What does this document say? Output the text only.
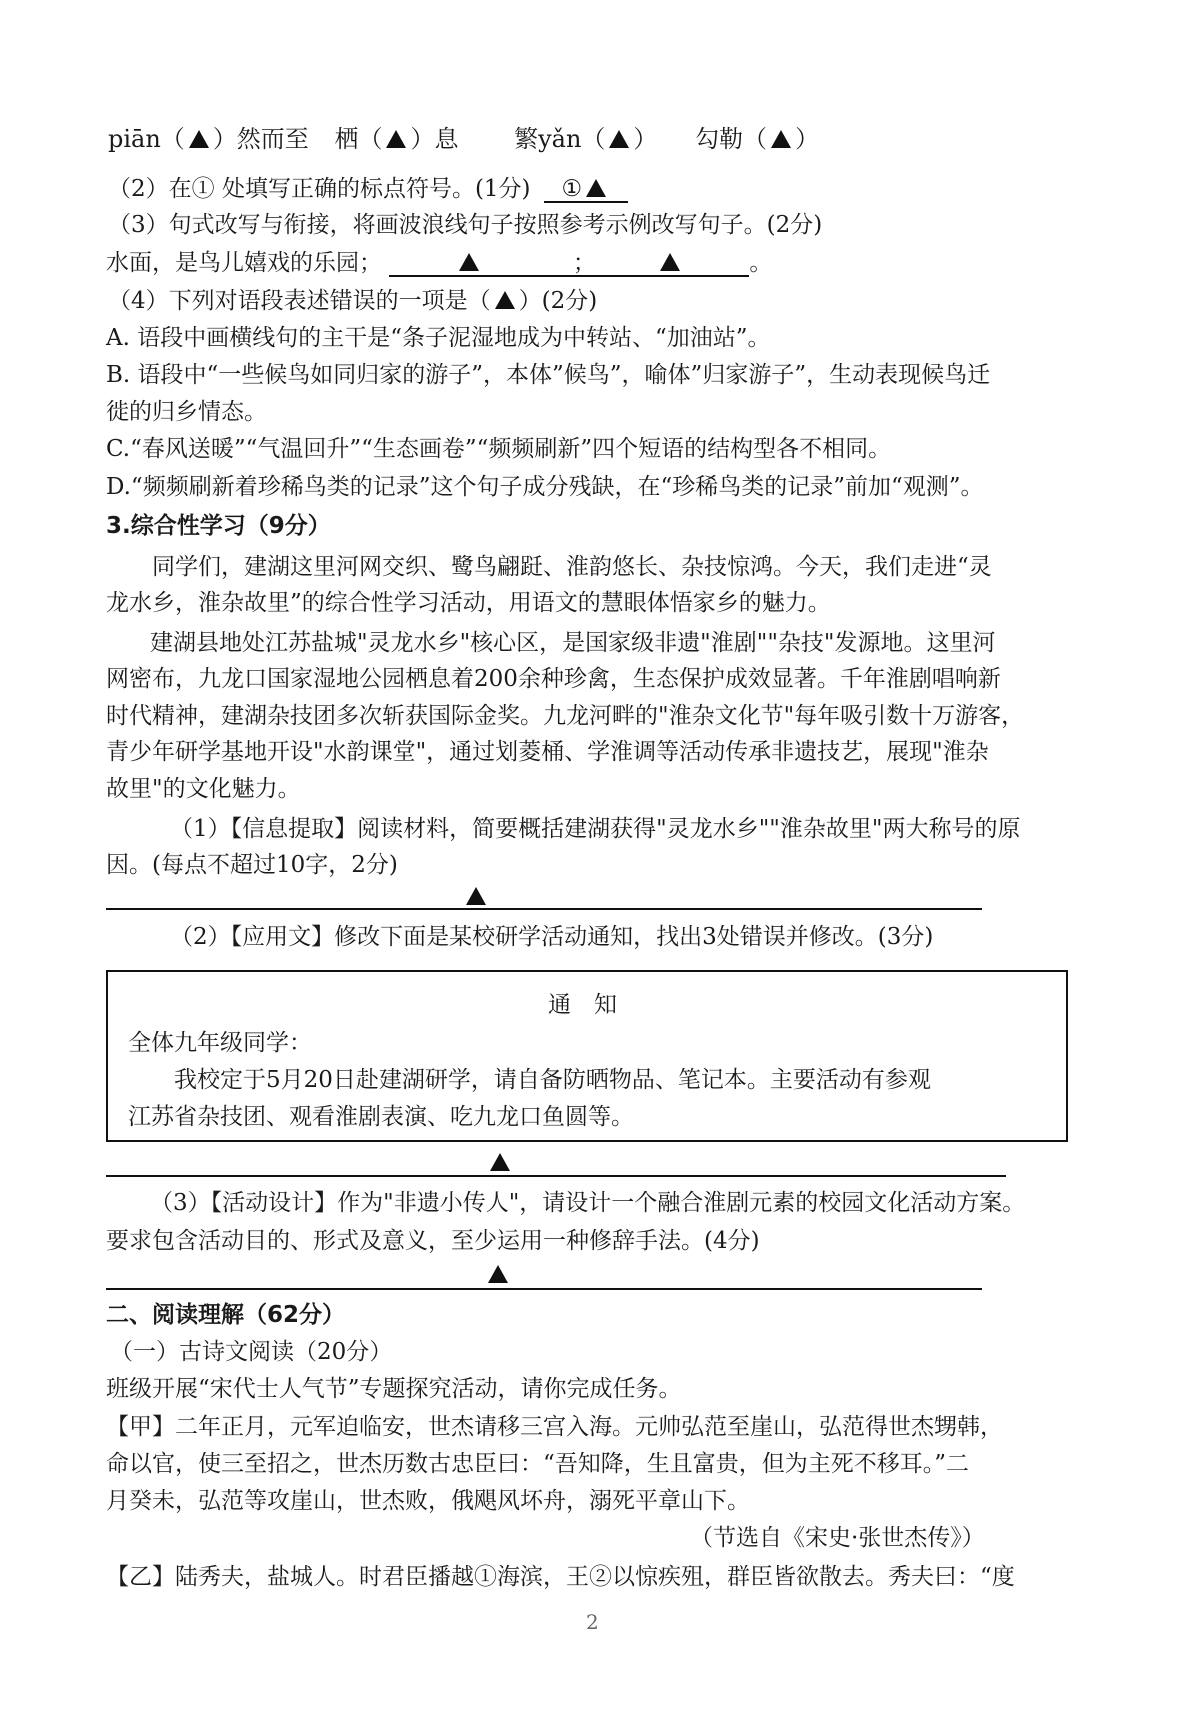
piān（ ）然而至 栖（ ）息 繁yǎn（ ） 勾勒（ ）
（2）在① 处填写正确的标点符号。(1分) ①
（3）句式改写与衔接，将画波浪线句子按照参考示例改写句子。(2分)
水面，是鸟儿嬉戏的乐园；	；	。
（4）下列对语段表述错误的一项是（ ）(2分)
A. 语段中画横线句的主干是“条子泥湿地成为中转站、“加油站”。
B. 语段中“一些候鸟如同归家的游子”，本体”候鸟”，喻体”归家游子”，生动表现候鸟迁
徙的归乡情态。
C.“春风送暖”“气温回升”“生态画卷”“频频刷新”四个短语的结构型各不相同。
D.“频频刷新着珍稀鸟类的记录”这个句子成分残缺，在“珍稀鸟类的记录”前加“观测”。
3.综合性学习（9分）
同学们，建湖这里河网交织、鹭鸟翩跹、淮韵悠长、杂技惊鸿。今天，我们走进“灵
龙水乡，淮杂故里”的综合性学习活动，用语文的慧眼体悟家乡的魅力。
建湖县地处江苏盐城"灵龙水乡"核心区，是国家级非遗"淮剧""杂技"发源地。这里河
网密布，九龙口国家湿地公园栖息着200余种珍禽，生态保护成效显著。千年淮剧唱响新
时代精神，建湖杂技团多次斩获国际金奖。九龙河畔的"淮杂文化节"每年吸引数十万游客，
青少年研学基地开设"水韵课堂"，通过划菱桶、学淮调等活动传承非遗技艺，展现"淮杂
故里"的文化魅力。
（1）【信息提取】阅读材料，简要概括建湖获得"灵龙水乡""淮杂故里"两大称号的原
因。(每点不超过10字，2分)
（2）【应用文】修改下面是某校研学活动通知，找出3处错误并修改。(3分)
通　知
全体九年级同学：
我校定于5月20日赴建湖研学，请自备防晒物品、笔记本。主要活动有参观
江苏省杂技团、观看淮剧表演、吃九龙口鱼圆等。
（3）【活动设计】作为"非遗小传人"，请设计一个融合淮剧元素的校园文化活动方案。
要求包含活动目的、形式及意义，至少运用一种修辞手法。(4分)
二、阅读理解（62分）
（一）古诗文阅读（20分）
班级开展“宋代士人气节”专题探究活动，请你完成任务。
【甲】二年正月，元军迫临安，世杰请移三宫入海。元帅弘范至崖山，弘范得世杰甥韩，
命以官，使三至招之，世杰历数古忠臣曰：“吾知降，生且富贵，但为主死不移耳。”二
月癸未，弘范等攻崖山，世杰败，俄飓风坏舟，溺死平章山下。
（节选自《宋史·张世杰传》）
【乙】陆秀夫，盐城人。时君臣播越①海滨，王②以惊疾殂，群臣皆欲散去。秀夫曰：“度
2
